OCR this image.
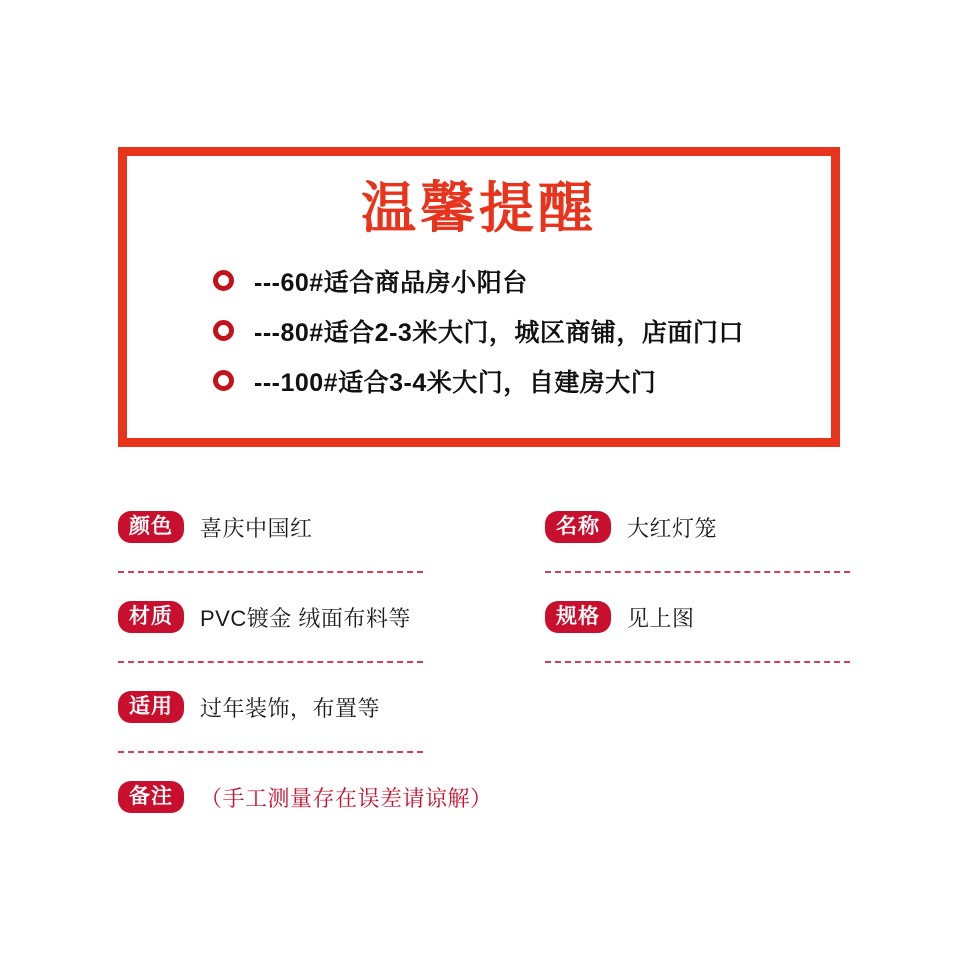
温馨提醒
---60#适合商品房小阳台
---80#适合2-3米大门，城区商铺，店面门口
---100#适合3-4米大门，自建房大门
颜色	喜庆中国红
材质	PVC镀金 绒面布料等
适用	过年装饰，布置等
备注	（手工测量存在误差请谅解）
名称	大红灯笼
规格	见上图
